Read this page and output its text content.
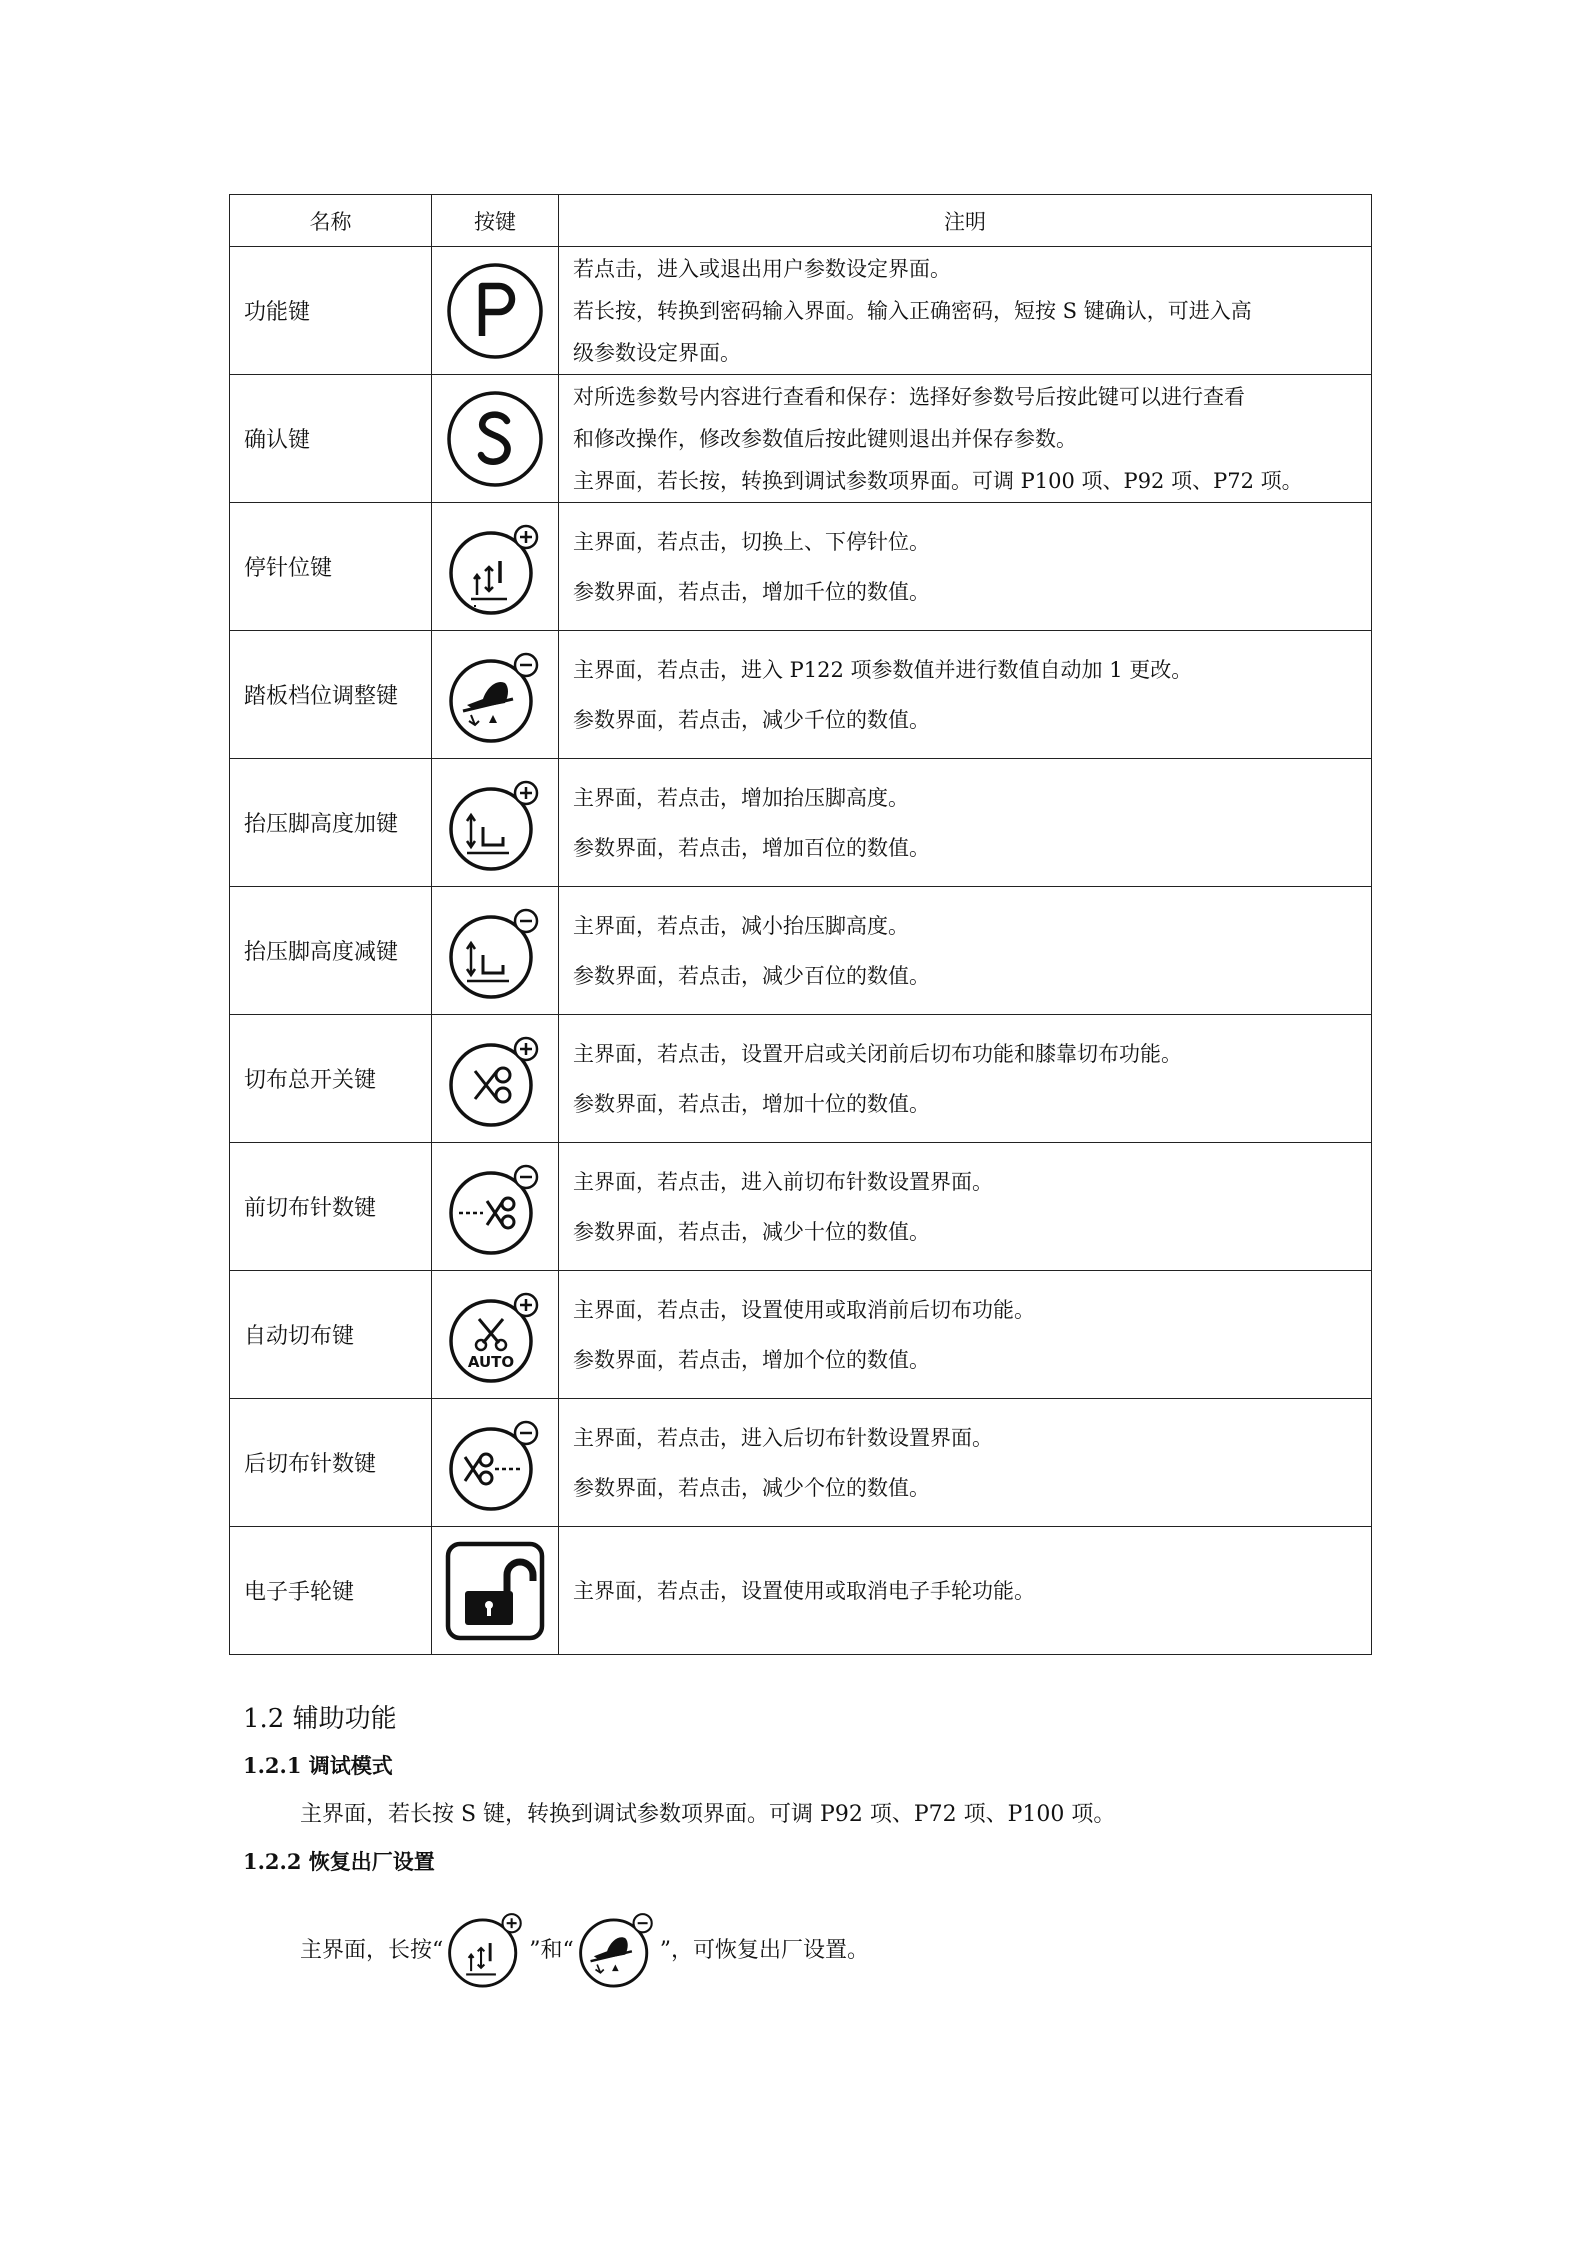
名称	按键	注明
功能键		若点击，进入或退出用户参数设定界面。

若长按，转换到密码输入界面。输入正确密码，短按 S 键确认，可进入高

级参数设定界面。

确认键		对所选参数号内容进行查看和保存：选择好参数号后按此键可以进行查看

和修改操作，修改参数值后按此键则退出并保存参数。

主界面，若长按，转换到调试参数项界面。可调 P100 项、P92 项、P72 项。

停针位键		主界面，若点击，切换上、下停针位。

参数界面，若点击，增加千位的数值。

踏板档位调整键		主界面，若点击，进入 P122 项参数值并进行数值自动加 1 更改。

参数界面，若点击，减少千位的数值。

抬压脚高度加键		主界面，若点击，增加抬压脚高度。

参数界面，若点击，增加百位的数值。

抬压脚高度减键		主界面，若点击，减小抬压脚高度。

参数界面，若点击，减少百位的数值。

切布总开关键		主界面，若点击，设置开启或关闭前后切布功能和膝靠切布功能。

参数界面，若点击，增加十位的数值。

前切布针数键		主界面，若点击，进入前切布针数设置界面。

参数界面，若点击，减少十位的数值。

自动切布键	AUTO	主界面，若点击，设置使用或取消前后切布功能。

参数界面，若点击，增加个位的数值。

后切布针数键		主界面，若点击，进入后切布针数设置界面。

参数界面，若点击，减少个位的数值。

电子手轮键		主界面，若点击，设置使用或取消电子手轮功能。

1.2 辅助功能
1.2.1 调试模式

主界面，若长按 S 键，转换到调试参数项界面。可调 P92 项、P72 项、P100 项。

1.2.2 恢复出厂设置
主界面，长按“	”和“	”，可恢复出厂设置。
